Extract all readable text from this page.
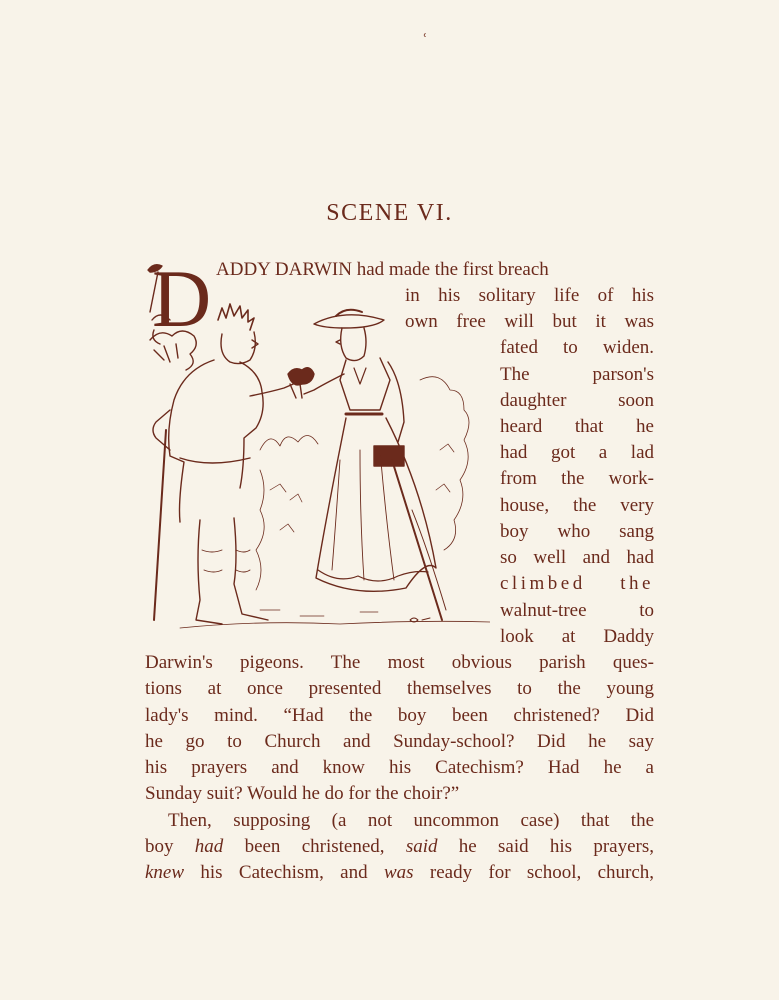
ʿ
SCENE VI.
D ADDY DARWIN had made the first breach
in his solitary life of his
own free will but it was
fated to widen.
The parson's
daughter soon
heard that he
had got a lad
from the work-
house, the very
boy who sang
so well and had
climbed the
walnut-tree to
look at Daddy
Darwin's pigeons. The most obvious parish ques-
tions at once presented themselves to the young
lady's mind. “Had the boy been christened? Did
he go to Church and Sunday-school? Did he say
his prayers and know his Catechism? Had he a
Sunday suit? Would he do for the choir?”
Then, supposing (a not uncommon case) that the
boy had been christened, said he said his prayers,
knew his Catechism, and was ready for school, church,
